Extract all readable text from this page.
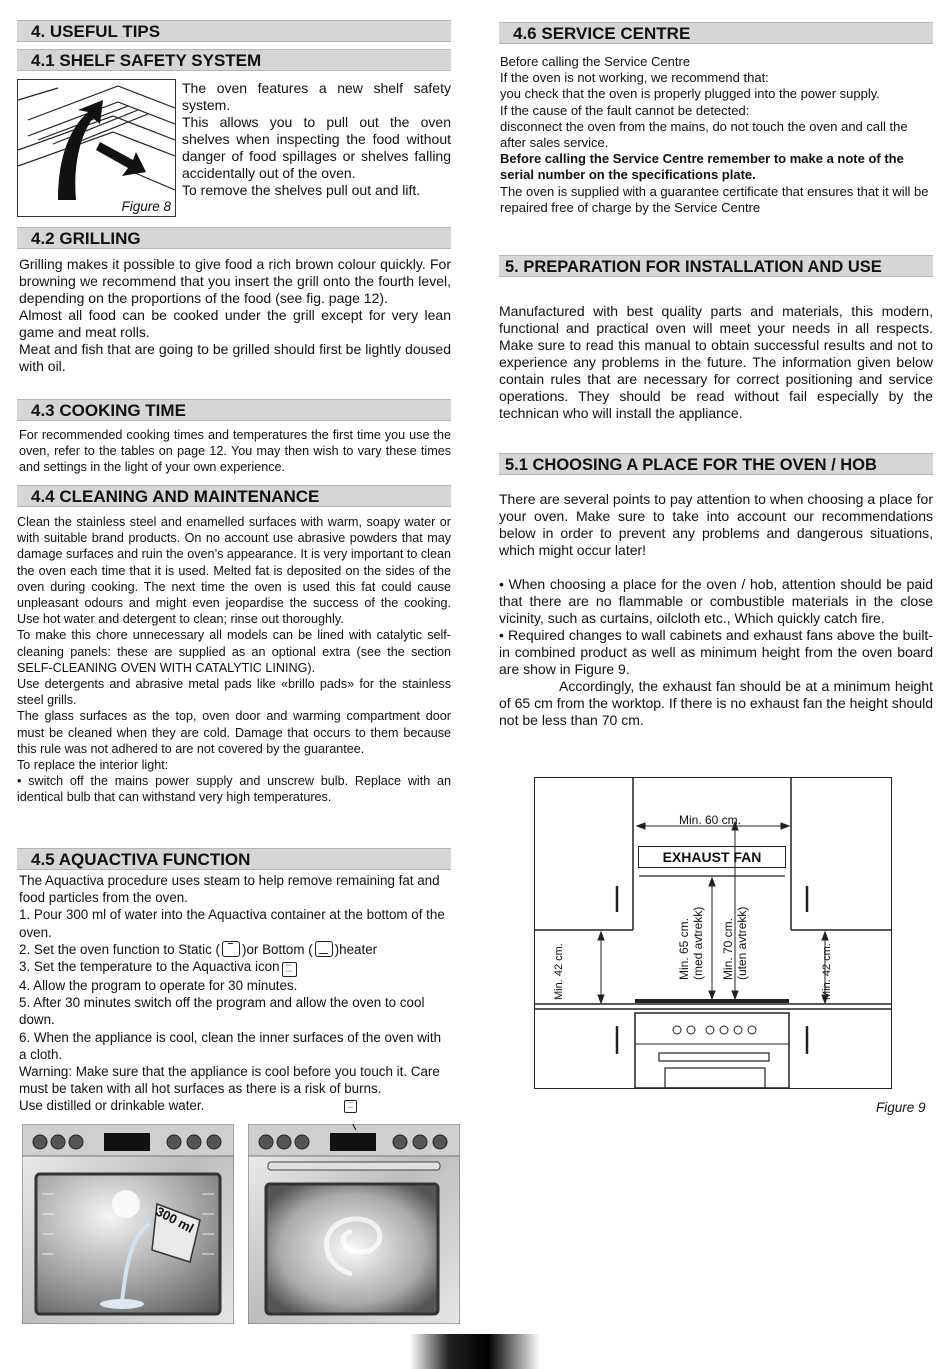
4. USEFUL TIPS
4.1 SHELF SAFETY SYSTEM
Figure 8

The oven features a new shelf safety system.

This allows you to pull out the oven shelves when inspecting the food without danger of food spillages or shelves falling accidentally out of the oven.

To remove the shelves pull out and lift.

4.2 GRILLING

Grilling makes it possible to give food a rich brown colour quickly. For browning we recommend that you insert the grill onto the fourth level, depending on the proportions of the food (see fig. page 12).

Almost all food can be cooked under the grill except for very lean game and meat rolls.

Meat and fish that are going to be grilled should first be lightly doused with oil.

4.3 COOKING TIME

For recommended cooking times and temperatures the first time you use the oven, refer to the tables on page 12. You may then wish to vary these times and settings in the light of your own experience.

4.4 CLEANING AND MAINTENANCE

Clean the stainless steel and enamelled surfaces with warm, soapy water or with suitable brand products. On no account use abrasive powders that may damage surfaces and ruin the oven’s appearance. It is very important to clean the oven each time that it is used. Melted fat is deposited on the sides of the oven during cooking. The next time the oven is used this fat could cause unpleasant odours and might even jeopardise the success of the cooking. Use hot water and detergent to clean; rinse out thoroughly.

To make this chore unnecessary all models can be lined with catalytic self-cleaning panels: these are supplied as an optional extra (see the section SELF-CLEANING OVEN WITH CATALYTIC LINING).

Use detergents and abrasive metal pads like «brillo pads» for the stainless steel grills.

The glass surfaces as the top, oven door and warming compartment door must be cleaned when they are cold. Damage that occurs to them because this rule was not adhered to are not covered by the guarantee.

To replace the interior light:

• switch off the mains power supply and unscrew bulb. Replace with an identical bulb that can withstand very high temperatures.

4.5 AQUACTIVA FUNCTION

The Aquactiva procedure uses steam to help remove remaining fat and food particles from the oven.

1. Pour 300 ml of water into the Aquactiva container at the bottom of the oven.

2. Set the oven function to Static ( )or Bottom ( )heater

3. Set the temperature to the Aquactiva icon ◦◦◦
◦◦◦

4. Allow the program to operate for 30 minutes.

5. After 30 minutes switch off the program and allow the oven to cool down.

6. When the appliance is cool, clean the inner surfaces of the oven with a cloth.

Warning: Make sure that the appliance is cool before you touch it. Care must be taken with all hot surfaces as there is a risk of burns.

Use distilled or drinkable water.	◦◦◦
◦◦◦
300 ml
4.6 SERVICE CENTRE

Before calling the Service Centre

If the oven is not working, we recommend that:

you check that the oven is properly plugged into the power supply.

If the cause of the fault cannot be detected:

disconnect the oven from the mains, do not touch the oven and call the after sales service.

Before calling the Service Centre remember to make a note of the serial number on the specifications plate.

The oven is supplied with a guarantee certificate that ensures that it will be repaired free of charge by the Service Centre

5. PREPARATION FOR INSTALLATION AND USE

Manufactured with best quality parts and materials, this modern, functional and practical oven will meet your needs in all respects. Make sure to read this manual to obtain successful results and not to experience any problems in the future. The information given below contain rules that are necessary for correct positioning and service operations. They should be read without fail especially by the technican who will install the appliance.

5.1 CHOOSING A PLACE FOR THE OVEN / HOB

There are several points to pay attention to when choosing a place for your oven. Make sure to take into account our recommendations below in order to prevent any problems and dangerous situations, which might occur later!

• When choosing a place for the oven / hob, attention should be paid that there are no flammable or combustible materials in the close vicinity, such as curtains, oilcloth etc., Which quickly catch fire.

• Required changes to wall cabinets and exhaust fans above the built-in combined product as well as minimum height from the oven board are show in Figure 9.

Accordingly, the exhaust fan should be at a minimum height of 65 cm from the worktop. If there is no exhaust fan the height should not be less than 70 cm.

Min. 60 cm.
EXHAUST FAN
Min. 42 cm.	Min. 42 cm.
Min. 65 cm. (med avtrekk) Min. 70 cm. (uten avtrekk)
Figure 9
